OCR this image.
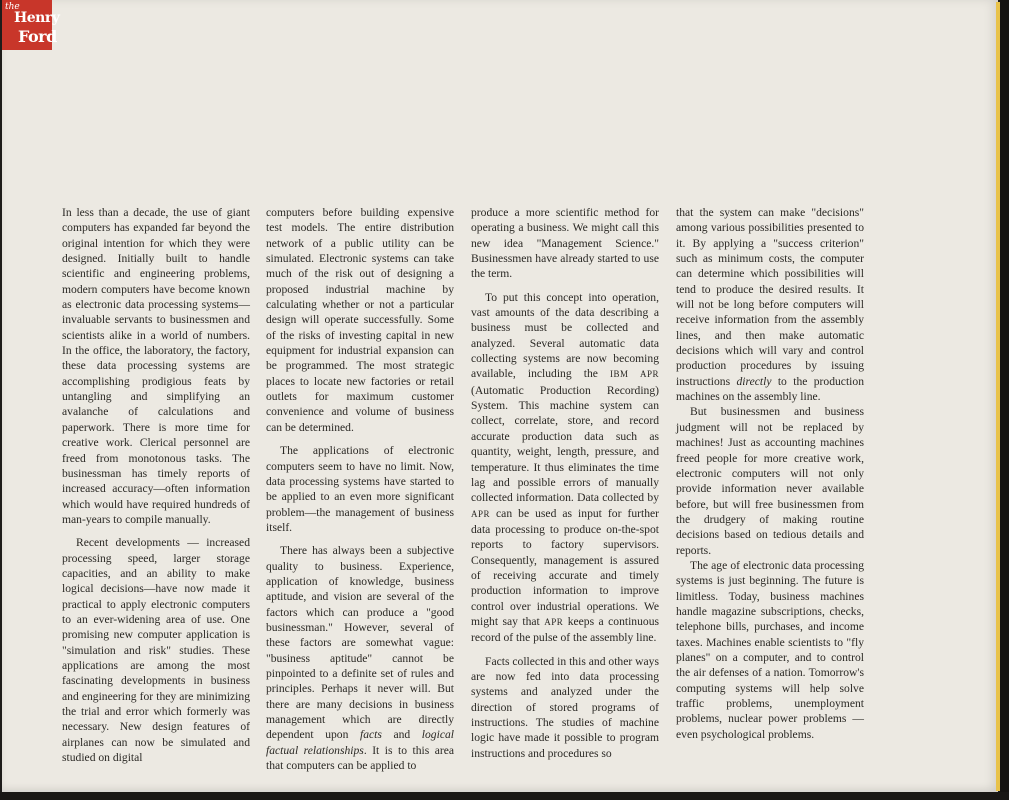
the
Henry
Ford

In less than a decade, the use of giant computers has expanded far beyond the original intention for which they were designed. Initially built to handle scientific and engineering problems, modern computers have become known as electronic data processing systems—invaluable servants to businessmen and scientists alike in a world of numbers. In the office, the laboratory, the factory, these data processing systems are accomplishing prodigious feats by untangling and simplifying an avalanche of calculations and paperwork. There is more time for creative work. Clerical personnel are freed from monotonous tasks. The businessman has timely reports of increased accuracy—often information which would have required hundreds of man-years to compile manually.

Recent developments — increased processing speed, larger storage capacities, and an ability to make logical decisions—have now made it practical to apply electronic computers to an ever-widening area of use. One promising new computer application is "simulation and risk" studies. These applications are among the most fascinating developments in business and engineering for they are minimizing the trial and error which formerly was necessary. New design features of airplanes can now be simulated and studied on digital

computers before building expensive test models. The entire distribution network of a public utility can be simulated. Electronic systems can take much of the risk out of designing a proposed industrial machine by calculating whether or not a particular design will operate successfully. Some of the risks of investing capital in new equipment for industrial expansion can be programmed. The most strategic places to locate new factories or retail outlets for maximum customer convenience and volume of business can be determined.

The applications of electronic computers seem to have no limit. Now, data processing systems have started to be applied to an even more significant problem—the management of business itself.

There has always been a subjective quality to business. Experience, application of knowledge, business aptitude, and vision are several of the factors which can produce a "good businessman." However, several of these factors are somewhat vague: "business aptitude" cannot be pinpointed to a definite set of rules and principles. Perhaps it never will. But there are many decisions in business management which are directly dependent upon facts and logical factual relationships. It is to this area that computers can be applied to

produce a more scientific method for operating a business. We might call this new idea "Management Science." Businessmen have already started to use the term.

To put this concept into operation, vast amounts of the data describing a business must be collected and analyzed. Several automatic data collecting systems are now becoming available, including the IBM APR (Automatic Production Recording) System. This machine system can collect, correlate, store, and record accurate production data such as quantity, weight, length, pressure, and temperature. It thus eliminates the time lag and possible errors of manually collected information. Data collected by APR can be used as input for further data processing to produce on-the-spot reports to factory supervisors. Consequently, management is assured of receiving accurate and timely production information to improve control over industrial operations. We might say that APR keeps a continuous record of the pulse of the assembly line.

Facts collected in this and other ways are now fed into data processing systems and analyzed under the direction of stored programs of instructions. The studies of machine logic have made it possible to program instructions and procedures so

that the system can make "decisions" among various possibilities presented to it. By applying a "success criterion" such as minimum costs, the computer can determine which possibilities will tend to produce the desired results. It will not be long before computers will receive information from the assembly lines, and then make automatic decisions which will vary and control production procedures by issuing instructions directly to the production machines on the assembly line.

But businessmen and business judgment will not be replaced by machines! Just as accounting machines freed people for more creative work, electronic computers will not only provide information never available before, but will free businessmen from the drudgery of making routine decisions based on tedious details and reports.

The age of electronic data processing systems is just beginning. The future is limitless. Today, business machines handle magazine subscriptions, checks, telephone bills, purchases, and income taxes. Machines enable scientists to "fly planes" on a computer, and to control the air defenses of a nation. Tomorrow's computing systems will help solve traffic problems, unemployment problems, nuclear power problems — even psychological problems.
